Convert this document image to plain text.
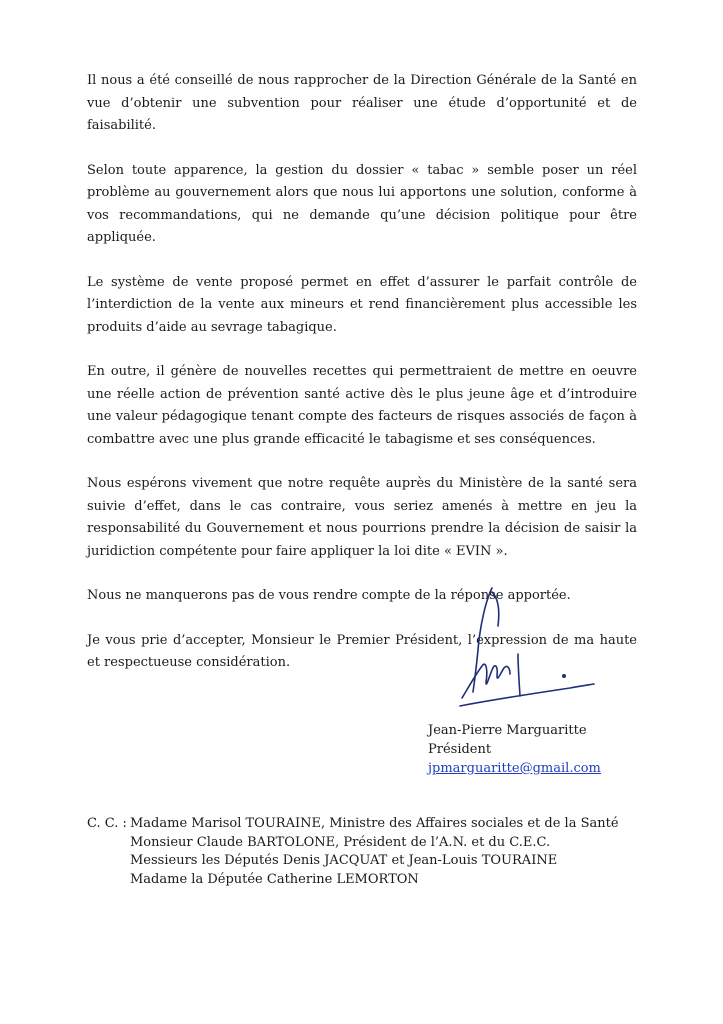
Il nous a été conseillé de nous rapprocher de la Direction Générale de la Santé en vue d’obtenir une subvention pour réaliser une étude d’opportunité et de faisabilité.

Selon toute apparence, la gestion du dossier « tabac » semble poser un réel problème au gouvernement alors que nous lui apportons une solution, conforme à vos recommandations, qui ne demande qu’une décision politique pour être appliquée.

Le système de vente proposé permet en effet d’assurer le parfait contrôle de l’interdiction de la vente aux mineurs et rend financièrement plus accessible les produits d’aide au sevrage tabagique.

En outre, il génère de nouvelles recettes qui permettraient de mettre en oeuvre une réelle action de prévention santé active dès le plus jeune âge et d’introduire une valeur pédagogique tenant compte des facteurs de risques associés de façon à combattre avec une plus grande efficacité le tabagisme et ses conséquences.

Nous espérons vivement que notre requête auprès du Ministère de la santé sera suivie d’effet, dans le cas contraire, vous seriez amenés à mettre en jeu la responsabilité du Gouvernement et nous pourrions prendre la décision de saisir la juridiction compétente pour faire appliquer la loi dite « EVIN ».

Nous ne manquerons pas de vous rendre compte de la réponse apportée.

Je vous prie d’accepter, Monsieur le Premier Président, l’expression de ma haute et respectueuse considération.

Jean-Pierre Marguaritte
Président
jpmarguaritte@gmail.com
C. C. : Madame Marisol TOURAINE, Ministre des Affaires sociales et de la Santé
Monsieur Claude BARTOLONE, Président de l’A.N. et du C.E.C.
Messieurs les Députés Denis JACQUAT et Jean-Louis TOURAINE
Madame la Députée Catherine LEMORTON
